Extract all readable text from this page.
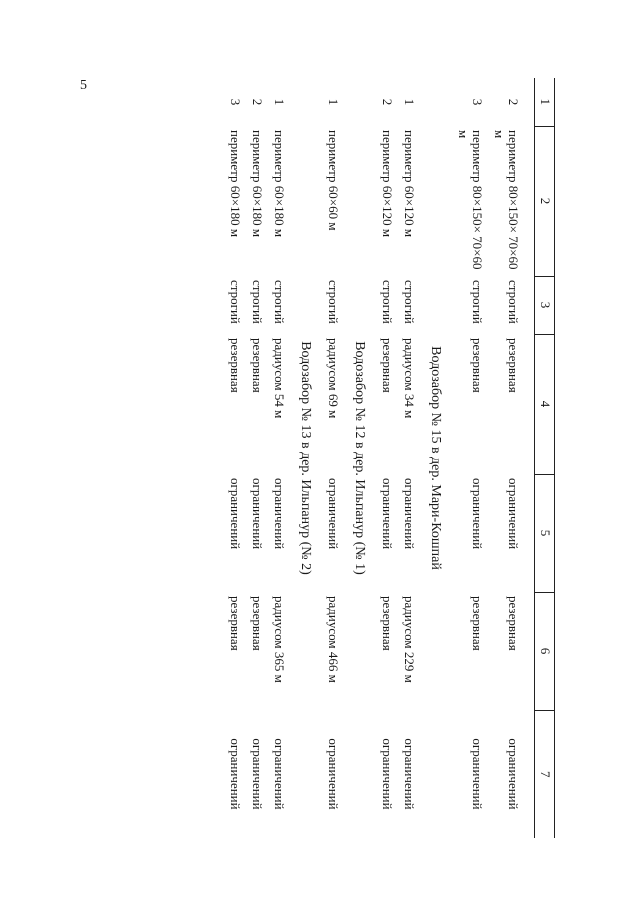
5
1	2	3	4	5	6	7
2	периметр 80×150× 70×60 м	строгий	резервная	ограничений	резервная	ограничений
3	периметр 80×150× 70×60 м	строгий	резервная	ограничений	резервная	ограничений
Водозабор № 15 в дер. Мари-Кошпай						
1	периметр 60×120 м	строгий	радиусом 34 м	ограничений	радиусом 229 м	ограничений
2	периметр 60×120 м	строгий	резервная	ограничений	резервная	ограничений
Водозабор № 12 в дер. Ильпанур (№ 1)						
1	периметр 60×60 м	строгий	радиусом 69 м	ограничений	радиусом 466 м	ограничений
Водозабор № 13 в дер. Ильпанур (№ 2)						
1	периметр 60×180 м	строгий	радиусом 54 м	ограничений	радиусом 365 м	ограничений
2	периметр 60×180 м	строгий	резервная	ограничений	резервная	ограничений
3	периметр 60×180 м	строгий	резервная	ограничений	резервная	ограничений
